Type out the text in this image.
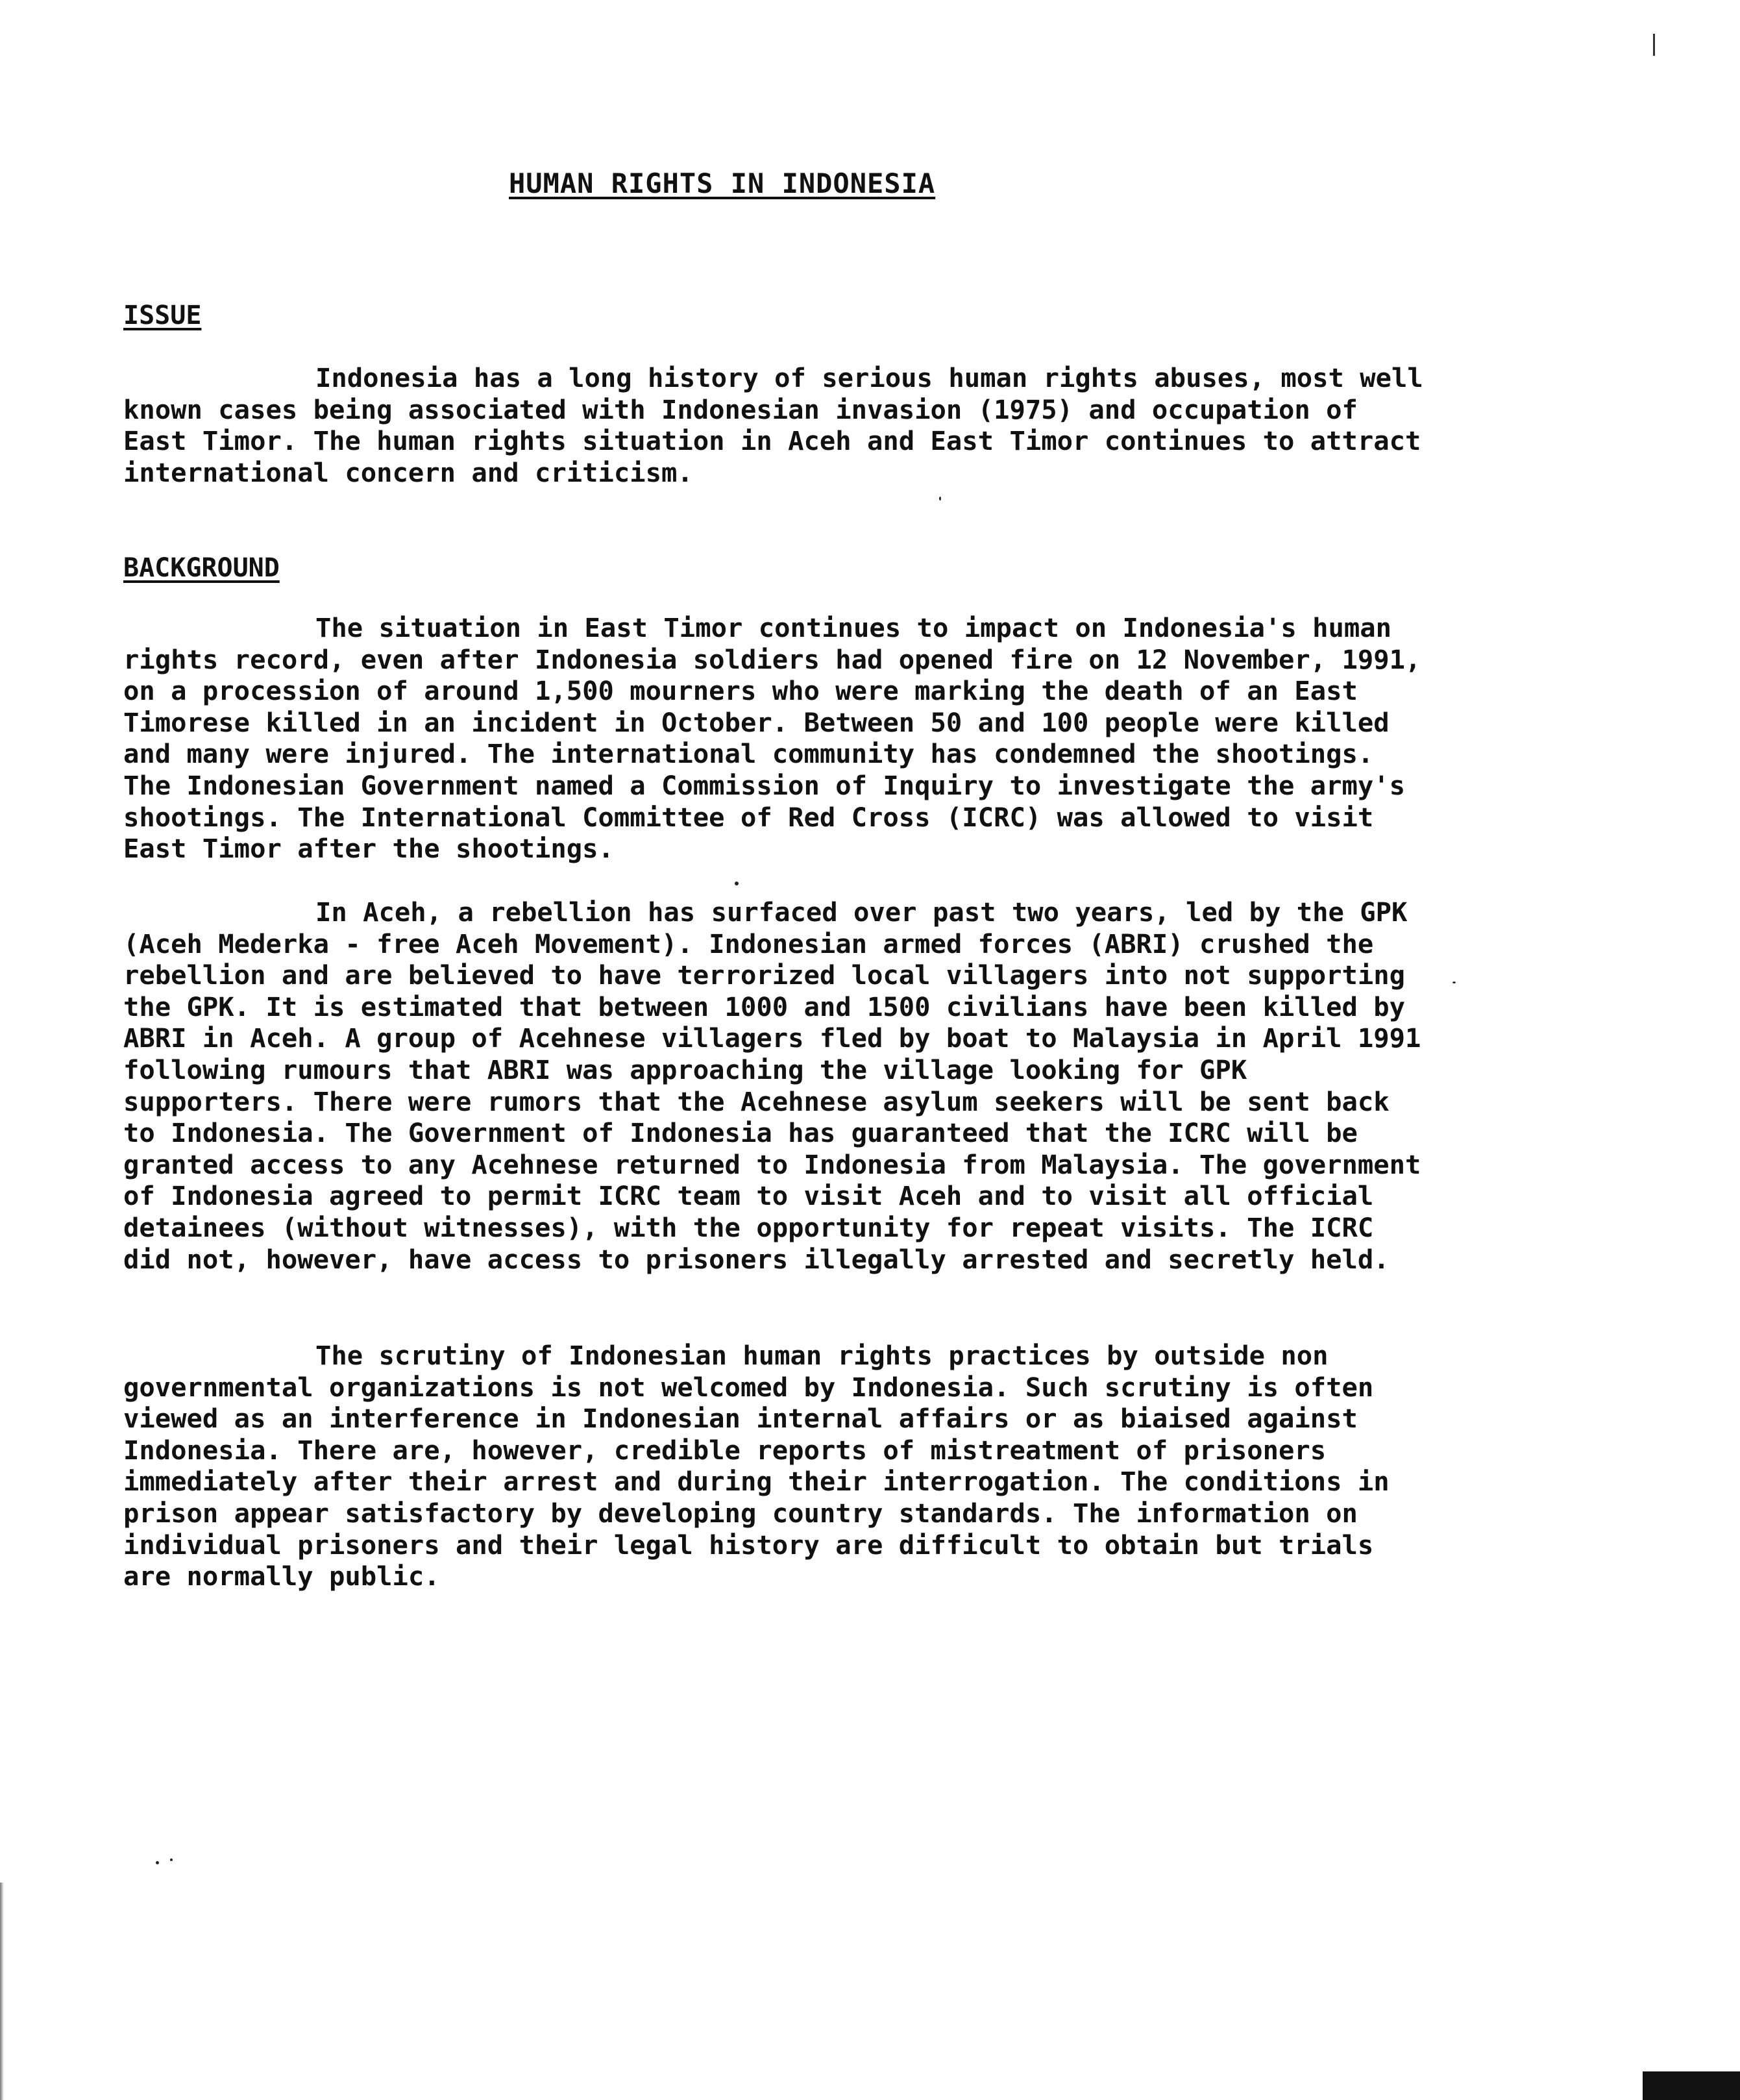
HUMAN RIGHTS IN INDONESIA
ISSUE

Indonesia has a long history of serious human rights abuses, most well known cases being associated with Indonesian invasion (1975) and occupation of East Timor. The human rights situation in Aceh and East Timor continues to attract international concern and criticism.

BACKGROUND

The situation in East Timor continues to impact on Indonesia's human rights record, even after Indonesia soldiers had opened fire on 12 November, 1991, on a procession of around 1,500 mourners who were marking the death of an East Timorese killed in an incident in October. Between 50 and 100 people were killed and many were injured. The international community has condemned the shootings. The Indonesian Government named a Commission of Inquiry to investigate the army's shootings. The International Committee of Red Cross (ICRC) was allowed to visit East Timor after the shootings.

In Aceh, a rebellion has surfaced over past two years, led by the GPK (Aceh Mederka - free Aceh Movement). Indonesian armed forces (ABRI) crushed the rebellion and are believed to have terrorized local villagers into not supporting the GPK. It is estimated that between 1000 and 1500 civilians have been killed by ABRI in Aceh. A group of Acehnese villagers fled by boat to Malaysia in April 1991 following rumours that ABRI was approaching the village looking for GPK supporters. There were rumors that the Acehnese asylum seekers will be sent back to Indonesia. The Government of Indonesia has guaranteed that the ICRC will be granted access to any Acehnese returned to Indonesia from Malaysia. The government of Indonesia agreed to permit ICRC team to visit Aceh and to visit all official detainees (without witnesses), with the opportunity for repeat visits. The ICRC did not, however, have access to prisoners illegally arrested and secretly held.

The scrutiny of Indonesian human rights practices by outside non governmental organizations is not welcomed by Indonesia. Such scrutiny is often viewed as an interference in Indonesian internal affairs or as biaised against Indonesia. There are, however, credible reports of mistreatment of prisoners immediately after their arrest and during their interrogation. The conditions in prison appear satisfactory by developing country standards. The information on individual prisoners and their legal history are difficult to obtain but trials are normally public.
